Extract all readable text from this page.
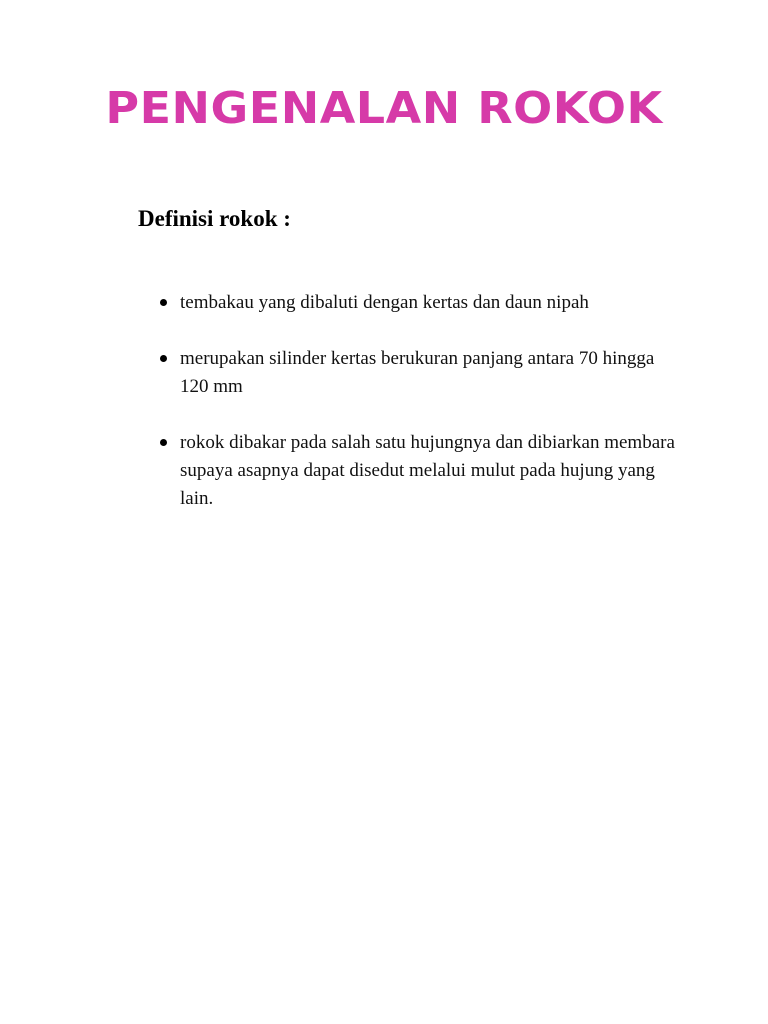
PENGENALAN ROKOK
Definisi rokok :
tembakau yang dibaluti dengan kertas dan daun nipah
merupakan silinder kertas berukuran panjang antara 70 hingga 120 mm
rokok dibakar pada salah satu hujungnya dan dibiarkan membara supaya asapnya dapat disedut melalui mulut pada hujung yang lain.
